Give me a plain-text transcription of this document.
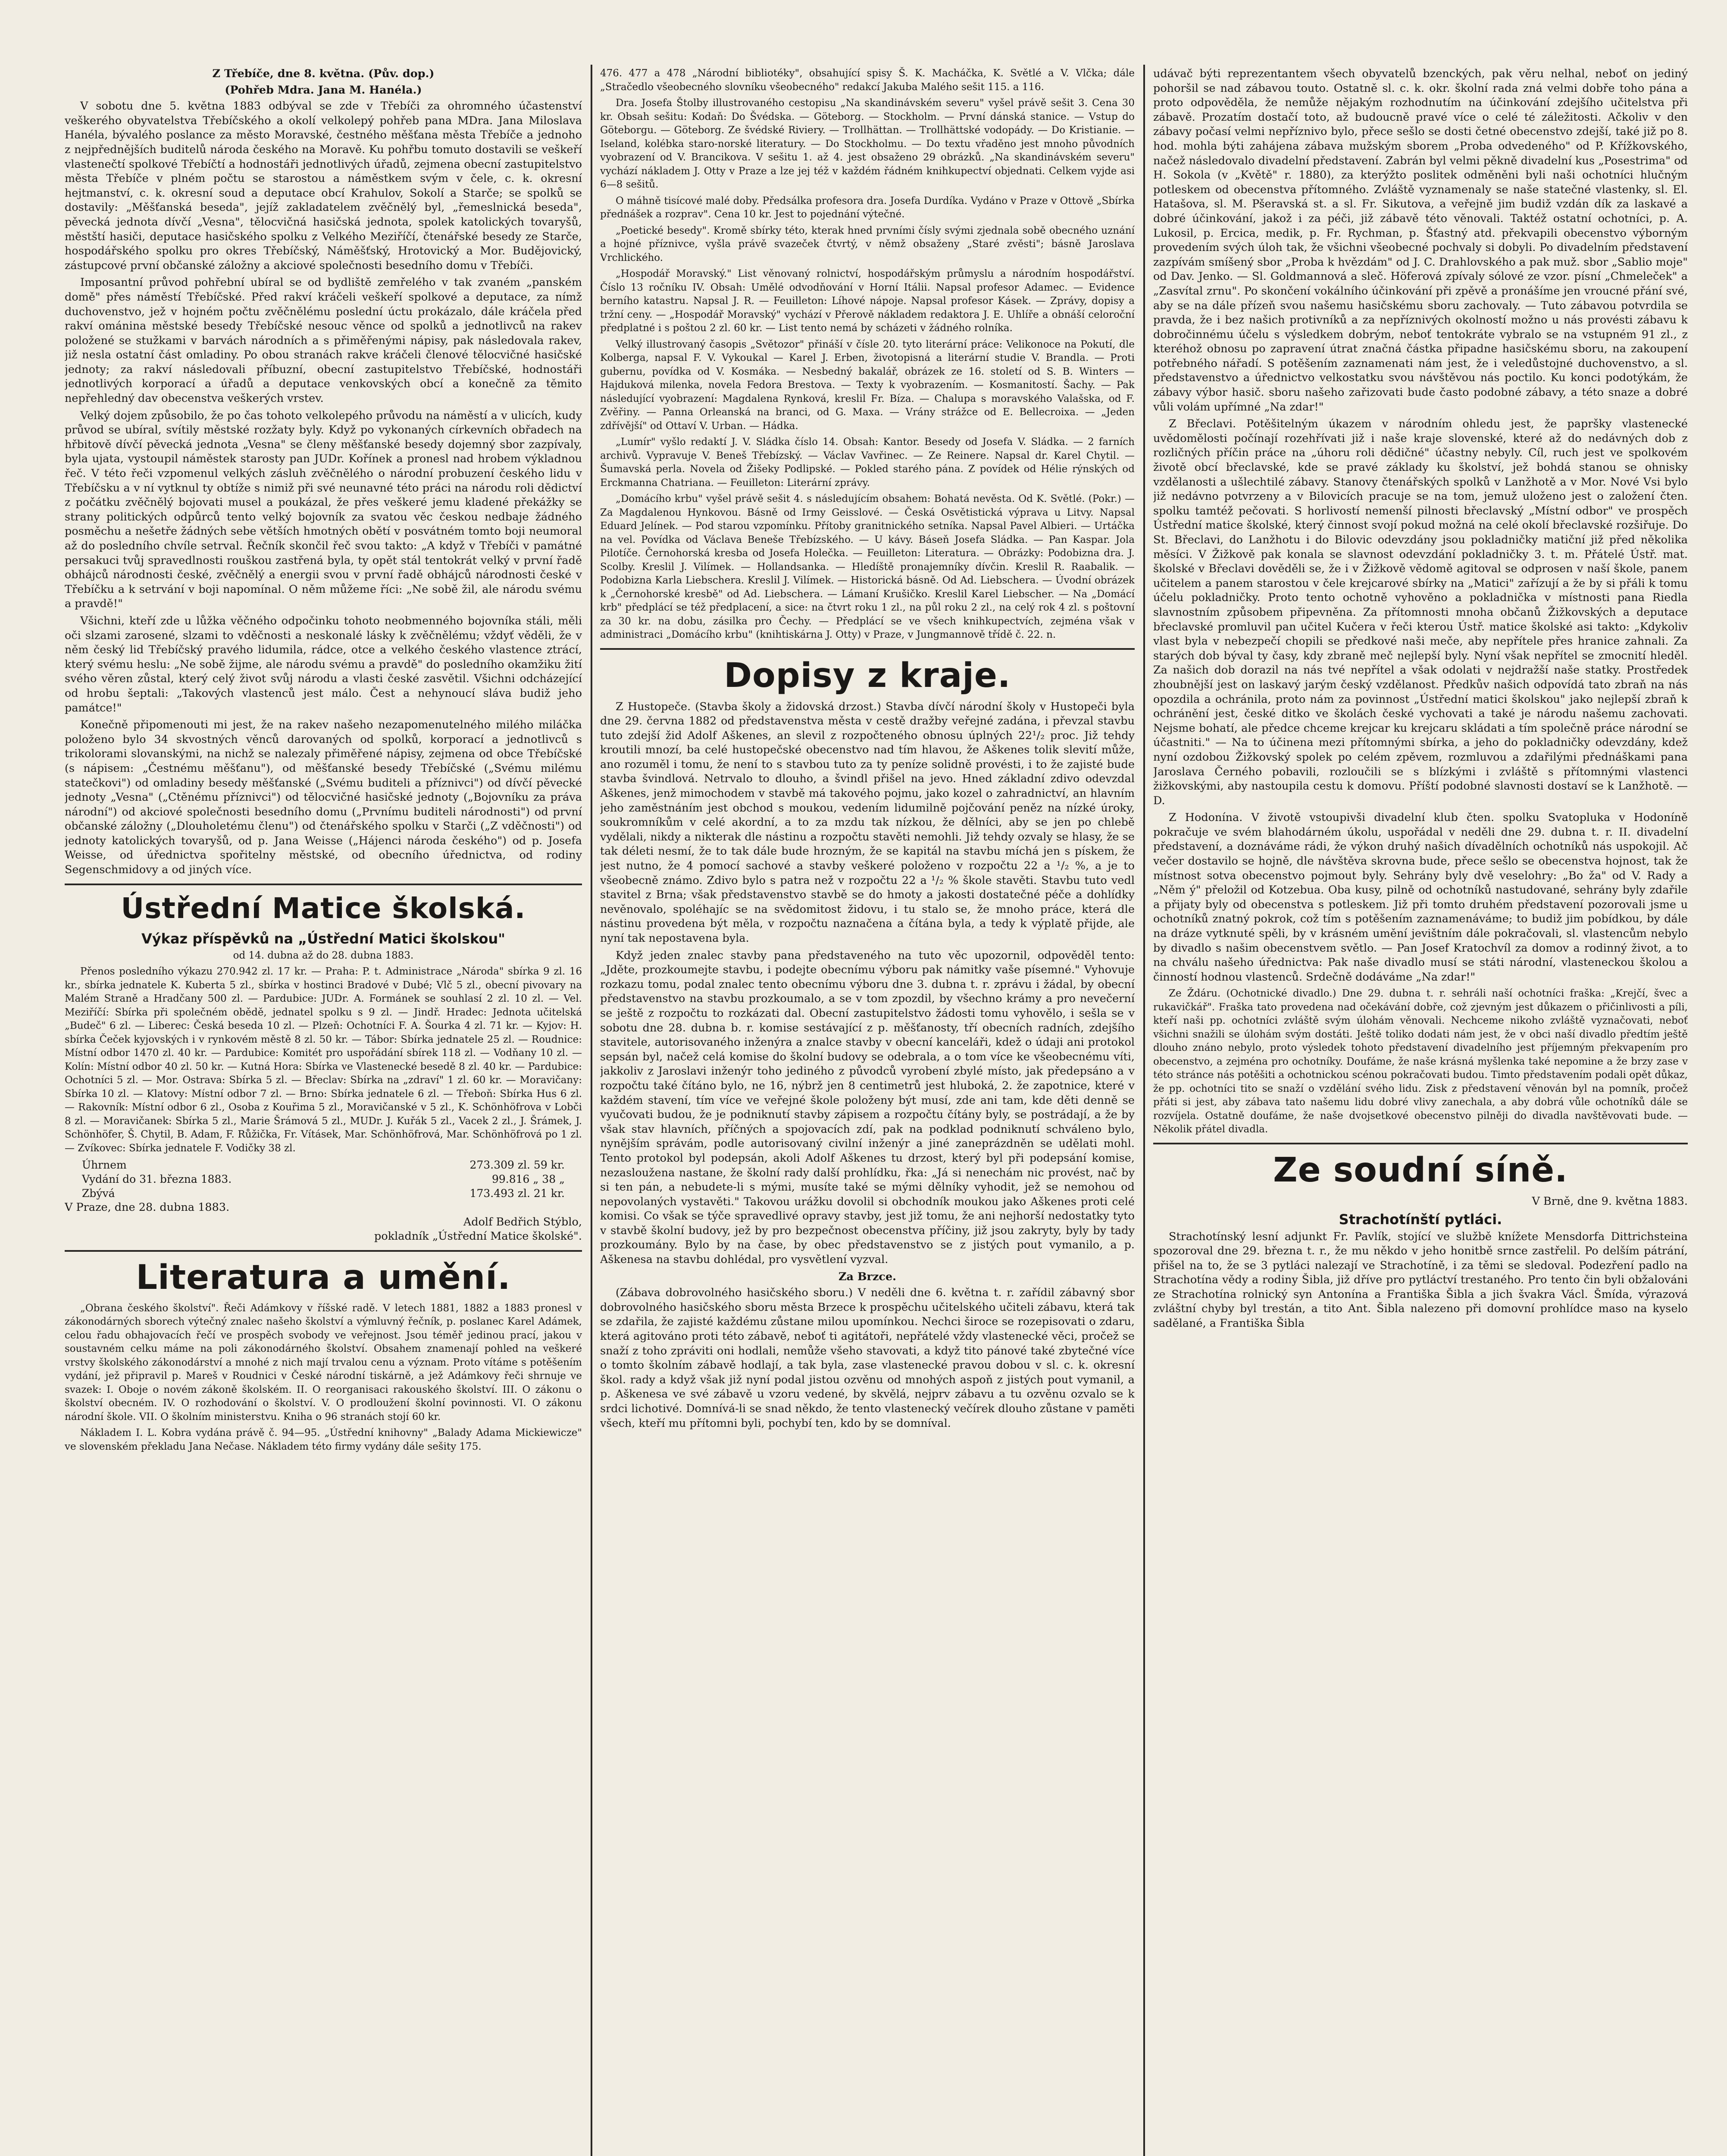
Z Třebíče, dne 8. května. (Pův. dop.)
(Pohřeb Mdra. Jana M. Hanéla.)

V sobotu dne 5. května 1883 odbýval se zde v Třebíči za ohromného účastenství veškerého obyvatelstva Třebíčského a okolí velkolepý pohřeb pana MDra. Jana Miloslava Hanéla, bývalého poslance za město Moravské, čestného měšťana města Třebíče a jednoho z nejpřednějších buditelů národa českého na Moravě. Ku pohřbu tomuto dostavili se veškeří vlastenečtí spolkové Třebíčtí a hodnostáři jednotlivých úřadů, zejmena obecní zastupitelstvo města Třebíče v plném počtu se starostou a náměstkem svým v čele, c. k. okresní hejtmanství, c. k. okresní soud a deputace obcí Krahulov, Sokolí a Starče; se spolků se dostavily: „Měšťanská beseda", jejíž zakladatelem zvěčnělý byl, „řemeslnická beseda", pěvecká jednota dívčí „Vesna", tělocvičná hasičská jednota, spolek katolických tovaryšů, městští hasiči, deputace hasičského spolku z Velkého Meziříčí, čtenářské besedy ze Starče, hospodářského spolku pro okres Třebíčský, Náměšťský, Hrotovický a Mor. Budějovický, zástupcové první občanské záložny a akciové společnosti besedního domu v Třebíči.

Imposantní průvod pohřební ubíral se od bydliště zemřelého v tak zvaném „panském domě" přes náměstí Třebíčské. Před rakví kráčeli veškeří spolkové a deputace, za nímž duchovenstvo, jež v hojném počtu zvěčnělému poslední úctu prokázalo, dále kráčela před rakví ománina městské besedy Třebíčské nesouc věnce od spolků a jednotlivců na rakev položené se stužkami v barvách národních a s přiměřenými nápisy, pak následovala rakev, již nesla ostatní část omladiny. Po obou stranách rakve kráčeli členové tělocvičné hasičské jednoty; za rakví následovali příbuzní, obecní zastupitelstvo Třebíčské, hodnostáři jednotlivých korporací a úřadů a deputace venkovských obcí a konečně za těmito nepřehledný dav obecenstva veškerých vrstev.

Velký dojem způsobilo, že po čas tohoto velkolepého průvodu na náměstí a v ulicích, kudy průvod se ubíral, svítily městské rozžaty byly. Když po vykonaných církevních obřadech na hřbitově dívčí pěvecká jednota „Vesna" se členy měšťanské besedy dojemný sbor zazpívaly, byla ujata, vystoupil náměstek starosty pan JUDr. Kořínek a pronesl nad hrobem výkladnou řeč. V této řeči vzpomenul velkých zásluh zvěčnělého o národní probuzení českého lidu v Třebíčsku a v ní vytknul ty obtíže s nimiž při své neunavné této práci na národu roli dědictví z počátku zvěčnělý bojovati musel a poukázal, že přes veškeré jemu kladené překážky se strany politických odpůrců tento velký bojovník za svatou věc českou nedbaje žádného posměchu a nešetře žádných sebe větších hmotných obětí v posvátném tomto boji neumoral až do posledního chvíle setrval. Řečník skončil řeč svou takto: „A když v Třebíči v památné persakuci tvůj spravedlnosti rouškou zastřená byla, ty opět stál tentokrát velký v první řadě obhájců národnosti české, zvěčnělý a energii svou v první řadě obhájců národnosti české v Třebíčku a k setrvání v boji napomínal. O něm můžeme říci: „Ne sobě žil, ale národu svému a pravdě!"

Všichni, kteří zde u lůžka věčného odpočinku tohoto neobmenného bojovníka stáli, měli oči slzami zarosené, slzami to vděčnosti a neskonalé lásky k zvěčnělému; vždyť věděli, že v něm český lid Třebíčský pravého lidumila, rádce, otce a velkého českého vlastence ztrácí, který svému heslu: „Ne sobě žijme, ale národu svému a pravdě" do posledního okamžiku žití svého věren zůstal, který celý život svůj národu a vlasti české zasvětil. Všichni odcházející od hrobu šeptali: „Takových vlastenců jest málo. Čest a nehynoucí sláva budiž jeho památce!"

Konečně připomenouti mi jest, že na rakev našeho nezapomenutelného milého miláčka položeno bylo 34 skvostných věnců darovaných od spolků, korporací a jednotlivců s trikolorami slovanskými, na nichž se nalezaly přiměřené nápisy, zejmena od obce Třebíčské (s nápisem: „Čestnému měšťanu"), od měšťanské besedy Třebíčské („Svému milému statečkovi") od omladiny besedy měšťanské („Svému buditeli a příznivci") od dívčí pěvecké jednoty „Vesna" („Ctěnému příznivci") od tělocvičné hasičské jednoty („Bojovníku za práva národní") od akciové společnosti besedního domu („Prvnímu buditeli národnosti") od první občanské záložny („Dlouholetému členu") od čtenářského spolku v Starči („Z vděčnosti") od jednoty katolických tovaryšů, od p. Jana Weisse („Hájenci národa českého") od p. Josefa Weisse, od úřednictva spořitelny městské, od obecního úřednictva, od rodiny Segenschmidovy a od jiných více.

Ústřední Matice školská.
Výkaz příspěvků na „Ústřední Matici školskou"
od 14. dubna až do 28. dubna 1883.

Přenos posledního výkazu 270.942 zl. 17 kr. — Praha: P. t. Administrace „Národa" sbírka 9 zl. 16 kr., sbírka jednatele K. Kuberta 5 zl., sbírka v hostinci Bradové v Dubé; Vlč 5 zl., obecní pivovary na Malém Straně a Hradčany 500 zl. — Pardubice: JUDr. A. Formánek se souhlasí 2 zl. 10 zl. — Vel. Meziříčí: Sbírka při společném obědě, jednatel spolku s 9 zl. — Jindř. Hradec: Jednota učitelská „Budeč" 6 zl. — Liberec: Česká beseda 10 zl. — Plzeň: Ochotníci F. A. Šourka 4 zl. 71 kr. — Kyjov: H. sbírka Čeček kyjovských i v rynkovém městě 8 zl. 50 kr. — Tábor: Sbírka jednatele 25 zl. — Roudnice: Místní odbor 1470 zl. 40 kr. — Pardubice: Komitét pro uspořádání sbírek 118 zl. — Vodňany 10 zl. — Kolín: Místní odbor 40 zl. 50 kr. — Kutná Hora: Sbírka ve Vlastenecké besedě 8 zl. 40 kr. — Pardubice: Ochotníci 5 zl. — Mor. Ostrava: Sbírka 5 zl. — Břeclav: Sbírka na „zdraví" 1 zl. 60 kr. — Moravičany: Sbírka 10 zl. — Klatovy: Místní odbor 7 zl. — Brno: Sbírka jednatele 6 zl. — Třeboň: Sbírka Hus 6 zl. — Rakovník: Místní odbor 6 zl., Osoba z Kouřima 5 zl., Moravičanské v 5 zl., K. Schönhöfrova v Lobči 8 zl. — Moravičanek: Sbírka 5 zl., Marie Šrámová 5 zl., MUDr. J. Kuřák 5 zl., Vacek 2 zl., J. Šrámek, J. Schönhöfer, Š. Chytil, B. Adam, F. Růžička, Fr. Vításek, Mar. Schönhöfrová, Mar. Schönhöfrová po 1 zl. — Zvíkovec: Sbírka jednatele F. Vodičky 38 zl.

Úhrnem	273.309 zl. 59 kr.
Vydání do 31. března 1883.	99.816 „ 38 „
Zbývá	173.493 zl. 21 kr.
V Praze, dne 28. dubna 1883.
Adolf Bedřich Stýblo,
pokladník „Ústřední Matice školské".
Literatura a umění.

„Obrana českého školství". Řeči Adámkovy v říšské radě. V letech 1881, 1882 a 1883 pronesl v zákonodárných sborech výtečný znalec našeho školství a výmluvný řečník, p. poslanec Karel Adámek, celou řadu obhajovacích řečí ve prospěch svobody ve veřejnost. Jsou téměř jedinou prací, jakou v soustavném celku máme na poli zákonodárného školství. Obsahem znamenají pohled na veškeré vrstvy školského zákonodárství a mnohé z nich mají trvalou cenu a význam. Proto vítáme s potěšením vydání, jež připravil p. Mareš v Roudnici v České národní tiskárně, a jež Adámkovy řeči shrnuje ve svazek: I. Oboje o novém zákoně školském. II. O reorganisaci rakouského školství. III. O zákonu o školství obecném. IV. O rozhodování o školství. V. O prodloužení školní povinnosti. VI. O zákonu národní škole. VII. O školním ministerstvu. Kniha o 96 stranách stojí 60 kr.

Nákladem I. L. Kobra vydána právě č. 94—95. „Ústřední knihovny" „Balady Adama Mickiewicze" ve slovenském překladu Jana Nečase. Nákladem této firmy vydány dále sešity 175.

476. 477 a 478 „Národní bibliotéky", obsahující spisy Š. K. Macháčka, K. Světlé a V. Vlčka; dále „Stračedlo všeobecného slovníku všeobecného" redakcí Jakuba Malého sešit 115. a 116.

Dra. Josefa Štolby illustrovaného cestopisu „Na skandinávském severu" vyšel právě sešit 3. Cena 30 kr. Obsah sešitu: Kodaň: Do Švédska. — Göteborg. — Stockholm. — První dánská stanice. — Vstup do Göteborgu. — Göteborg. Ze švédské Riviery. — Trollhättan. — Trollhättské vodopády. — Do Kristianie. — Iseland, kolébka staro-norské literatury. — Do Stockholmu. — Do textu vřaděno jest mnoho původních vyobrazení od V. Brancikova. V sešitu 1. až 4. jest obsaženo 29 obrázků. „Na skandinávském severu" vychází nákladem J. Otty v Praze a lze jej též v každém řádném knihkupectví objednati. Celkem vyjde asi 6—8 sešitů.

O máhně tisícové malé doby. Předsálka profesora dra. Josefa Durdíka. Vydáno v Praze v Ottově „Sbírka přednášek a rozprav". Cena 10 kr. Jest to pojednání výtečné.

„Poetické besedy". Kromě sbírky této, kterak hned prvními čísly svými zjednala sobě obecného uznání a hojné příznivce, vyšla právě svazeček čtvrtý, v němž obsaženy „Staré zvěsti"; básně Jaroslava Vrchlického.

„Hospodář Moravský." List věnovaný rolnictví, hospodářským průmyslu a národním hospodářství. Číslo 13 ročníku IV. Obsah: Umělé odvodňování v Horní Itálii. Napsal profesor Adamec. — Evidence berního katastru. Napsal J. R. — Feuilleton: Líhové nápoje. Napsal profesor Kásek. — Zprávy, dopisy a tržní ceny. — „Hospodář Moravský" vychází v Přerově nákladem redaktora J. E. Uhlíře a obnáší celoroční předplatné i s poštou 2 zl. 60 kr. — List tento nemá by scházeti v žádného rolníka.

Velký illustrovaný časopis „Světozor" přináší v čísle 20. tyto literární práce: Velikonoce na Pokutí, dle Kolberga, napsal F. V. Vykoukal — Karel J. Erben, životopisná a literární studie V. Brandla. — Proti gubernu, povídka od V. Kosmáka. — Nesbedný bakalář, obrázek ze 16. století od S. B. Winters — Hajduková milenka, novela Fedora Brestova. — Texty k vyobrazením. — Kosmanitostí. Šachy. — Pak následující vyobrazení: Magdalena Rynková, kreslil Fr. Bíza. — Chalupa s moravského Valašska, od F. Zvěřiny. — Panna Orleanská na branci, od G. Maxa. — Vrány strážce od E. Bellecroixa. — „Jeden zdřívější" od Ottaví V. Urban. — Hádka.

„Lumír" vyšlo redaktí J. V. Sládka číslo 14. Obsah: Kantor. Besedy od Josefa V. Sládka. — 2 farních archivů. Vypravuje V. Beneš Třebízský. — Václav Vavřinec. — Ze Reinere. Napsal dr. Karel Chytil. — Šumavská perla. Novela od Žišeky Podlipské. — Pokled starého pána. Z povídek od Hélie rýnských od Erckmanna Chatriana. — Feuilleton: Literární zprávy.

„Domácího krbu" vyšel právě sešit 4. s následujícím obsahem: Bohatá nevěsta. Od K. Světlé. (Pokr.) — Za Magdalenou Hynkovou. Básně od Irmy Geisslové. — Česká Osvětistická výprava u Litvy. Napsal Eduard Jelínek. — Pod starou vzpomínku. Přítoby granitnického setníka. Napsal Pavel Albieri. — Urtáčka na vel. Povídka od Václava Beneše Třebízského. — U kávy. Báseň Josefa Sládka. — Pan Kaspar. Jola Pilotíče. Černohorská kresba od Josefa Holečka. — Feuilleton: Literatura. — Obrázky: Podobizna dra. J. Scolby. Kreslil J. Vilímek. — Hollandsanka. — Hledíště pronajemníky dívčin. Kreslil R. Raabalik. — Podobizna Karla Liebschera. Kreslil J. Vilímek. — Historická básně. Od Ad. Liebschera. — Úvodní obrázek k „Černohorské kresbě" od Ad. Liebschera. — Lámaní Krušičko. Kreslil Karel Liebscher. — Na „Domácí krb" předplácí se též předplacení, a sice: na čtvrt roku 1 zl., na půl roku 2 zl., na celý rok 4 zl. s poštovní za 30 kr. na dobu, zásilka pro Čechy. — Předplácí se ve všech knihkupectvích, zejména však v administraci „Domácího krbu" (knihtiskárna J. Otty) v Praze, v Jungmannově třídě č. 22. n.

Dopisy z kraje.

Z Hustopeče. (Stavba školy a židovská drzost.) Stavba dívčí národní školy v Hustopeči byla dne 29. června 1882 od představenstva města v cestě dražby veřejné zadána, i převzal stavbu tuto zdejší žid Adolf Aškenes, an slevil z rozpočteného obnosu úplných 22¹/₂ proc. Již tehdy kroutili mnozí, ba celé hustopečské obecenstvo nad tím hlavou, že Aškenes tolik slevití může, ano rozuměl i tomu, že není to s stavbou tuto za ty peníze solidně provésti, i to že zajisté bude stavba švindlová. Netrvalo to dlouho, a švindl přišel na jevo. Hned základní zdivo odevzdal Aškenes, jenž mimochodem v stavbě má takového pojmu, jako kozel o zahradnictví, an hlavním jeho zaměstnáním jest obchod s moukou, vedením lidumilně pojčování peněz na nízké úroky, soukromníkům v celé akordní, a to za mzdu tak nízkou, že dělníci, aby se jen po chlebě vydělali, nikdy a nikterak dle nástinu a rozpočtu stavěti nemohli. Již tehdy ozvaly se hlasy, že se tak déleti nesmí, že to tak dále bude hrozným, že se kapitál na stavbu míchá jen s pískem, že jest nutno, že 4 pomocí sachové a stavby veškeré položeno v rozpočtu 22 a ¹/₂ %, a je to všeobecně známo. Zdivo bylo s patra než v rozpočtu 22 a ¹/₂ % škole stavěti. Stavbu tuto vedl stavitel z Brna; však představenstvo stavbě se do hmoty a jakosti dostatečné péče a dohlídky nevěnovalo, spoléhajíc se na svědomitost židovu, i tu stalo se, že mnoho práce, která dle nástinu provedena být měla, v rozpočtu naznačena a čítána byla, a tedy k výplatě přijde, ale nyní tak nepostavena byla.

Když jeden znalec stavby pana představeného na tuto věc upozornil, odpověděl tento: „Jděte, prozkoumejte stavbu, i podejte obecnímu výboru pak námitky vaše písemné." Vyhovuje rozkazu tomu, podal znalec tento obecnímu výboru dne 3. dubna t. r. zprávu i žádal, by obecní představenstvo na stavbu prozkoumalo, a se v tom zpozdil, by všechno krámy a pro nevečerní se ještě z rozpočtu to rozkázati dal. Obecní zastupitelstvo žádosti tomu vyhovělo, i sešla se v sobotu dne 28. dubna b. r. komise sestávající z p. měšťanosty, tří obecních radních, zdejšího stavitele, autorisovaného inženýra a znalce stavby v obecní kanceláři, kdež o údaji ani protokol sepsán byl, načež celá komise do školní budovy se odebrala, a o tom více ke všeobecnému víti, jakkoliv z Jaroslavi inženýr toho jediného z původců vyrobení zbylé místo, jak předepsáno a v rozpočtu také čítáno bylo, ne 16, nýbrž jen 8 centimetrů jest hluboká, 2. že zapotnice, které v každém stavení, tím více ve veřejné škole položeny být musí, zde ani tam, kde děti denně se vyučovati budou, že je podniknutí stavby zápisem a rozpočtu čítány byly, se postrádají, a že by však stav hlavních, příčných a spojovacích zdí, pak na podklad podniknutí schváleno bylo, nynějším správám, podle autorisovaný civilní inženýr a jiné zaneprázdněn se udělati mohl. Tento protokol byl podepsán, akoli Adolf Aškenes tu drzost, který byl při podepsání komise, nezasloužena nastane, že školní rady další prohlídku, řka: „Já si nenechám nic provést, nač by si ten pán, a nebudete-li s mými, musíte také se mými dělníky vyhodit, jež se nemohou od nepovolaných vystavěti." Takovou urážku dovolil si obchodník moukou jako Aškenes proti celé komisi. Co však se týče spravedlivé opravy stavby, jest již tomu, že ani nejhorší nedostatky tyto v stavbě školní budovy, jež by pro bezpečnost obecenstva příčiny, již jsou zakryty, byly by tady prozkoumány. Bylo by na čase, by obec představenstvo se z jistých pout vymanilo, a p. Aškenesa na stavbu dohlédal, pro vysvětlení vyzval.

Za Brzce.

(Zábava dobrovolného hasičského sboru.) V neděli dne 6. května t. r. zařídil zábavný sbor dobrovolného hasičského sboru města Brzece k prospěchu učitelského učiteli zábavu, která tak se zdařila, že zajisté každému zůstane milou upomínkou. Nechci široce se rozepisovati o zdaru, která agitováno proti této zábavě, neboť ti agitátoři, nepřátelé vždy vlastenecké věci, pročež se snaží z toho zpráviti oni hodlali, nemůže všeho stavovati, a když tito pánové také zbytečné více o tomto školním zábavě hodlají, a tak byla, zase vlastenecké pravou dobou v sl. c. k. okresní škol. rady a když však již nyní podal jistou ozvěnu od mnohých aspoň z jistých pout vymanil, a p. Aškenesa ve své zábavě u vzoru vedené, by skvělá, nejprv zábavu a tu ozvěnu ozvalo se k srdci lichotivé. Domnívá-li se snad někdo, že tento vlastenecký večírek dlouho zůstane v paměti všech, kteří mu přítomni byli, pochybí ten, kdo by se domníval.

udávač býti reprezentantem všech obyvatelů bzenckých, pak věru nelhal, neboť on jediný pohoršil se nad zábavou touto. Ostatně sl. c. k. okr. školní rada zná velmi dobře toho pána a proto odpověděla, že nemůže nějakým rozhodnutím na účinkování zdejšího učitelstva při zábavě. Prozatím dostačí toto, až budoucně pravé více o celé té záležitosti. Ačkoliv v den zábavy počasí velmi nepříznivo bylo, přece sešlo se dosti četné obecenstvo zdejší, také již po 8. hod. mohla býti zahájena zábava mužským sborem „Proba odvedeného" od P. Křížkovského, načež následovalo divadelní představení. Zabrán byl velmi pěkně divadelní kus „Posestrima" od H. Sokola (v „Květě" r. 1880), za kterýžto poslitek odměněni byli naši ochotníci hlučným potleskem od obecenstva přítomného. Zvláště vyznamenaly se naše statečné vlastenky, sl. El. Hatašova, sl. M. Pšeravská st. a sl. Fr. Sikutova, a veřejně jim budiž vzdán dík za laskavé a dobré účinkování, jakož i za péči, již zábavě této věnovali. Taktéž ostatní ochotníci, p. A. Lukosil, p. Ercica, medik, p. Fr. Rychman, p. Šťastný atd. překvapili obecenstvo výborným provedením svých úloh tak, že všichni všeobecné pochvaly si dobyli. Po divadelním představení zazpívám smíšený sbor „Proba k hvězdám" od J. C. Drahlovského a pak muž. sbor „Sablio moje" od Dav. Jenko. — Sl. Goldmannová a sleč. Höferová zpívaly sólové ze vzor. písní „Chmeleček" a „Zasvítal zrnu". Po skončení vokálního účinkování při zpěvě a pronášíme jen vroucné přání své, aby se na dále přízeň svou našemu hasičskému sboru zachovaly. — Tuto zábavou potvrdila se pravda, že i bez našich protivníků a za nepříznivých okolností možno u nás provésti zábavu k dobročinnému účelu s výsledkem dobrým, neboť tentokráte vybralo se na vstupném 91 zl., z kteréhož obnosu po zapravení útrat značná částka připadne hasičskému sboru, na zakoupení potřebného nářadí. S potěšením zaznamenati nám jest, že i veledůstojné duchovenstvo, a sl. představenstvo a úřednictvo velkostatku svou návštěvou nás poctilo. Ku konci podotýkám, že zábavy výbor hasič. sboru našeho zařizovati bude často podobné zábavy, a této snaze a dobré vůli volám upřímné „Na zdar!"

Z Břeclavi. Potěšitelným úkazem v národním ohledu jest, že papršky vlastenecké uvědomělosti počínají rozehřívati již i naše kraje slovenské, které až do nedávných dob z rozličných příčin práce na „úhoru roli dědičné" účastny nebyly. Cíl, ruch jest ve spolkovém životě obcí břeclavské, kde se pravé základy ku školství, jež bohdá stanou se ohnisky vzdělanosti a ušlechtilé zábavy. Stanovy čtenářských spolků v Lanžhotě a v Mor. Nové Vsi bylo již nedávno potvrzeny a v Bilovicích pracuje se na tom, jemuž uloženo jest o založení čten. spolku tamtéž pečovati. S horlivostí nemenší pilnosti břeclavský „Místní odbor" ve prospěch Ústřední matice školské, který činnost svojí pokud možná na celé okolí břeclavské rozšiřuje. Do St. Břeclavi, do Lanžhotu i do Bilovic odevzdány jsou pokladničky matiční již před několika měsíci. V Žižkově pak konala se slavnost odevzdání pokladničky 3. t. m. Přátelé Ústř. mat. školské v Břeclavi dověděli se, že i v Žižkově vědomě agitoval se odprosen v naší škole, panem učitelem a panem starostou v čele krejcarové sbírky na „Matici" zařízují a že by si přáli k tomu účelu pokladničky. Proto tento ochotně vyhověno a pokladnička v místnosti pana Riedla slavnostním způsobem připevněna. Za přítomnosti mnoha občanů Žižkovských a deputace břeclavské promluvil pan učitel Kučera v řeči kterou Ústř. matice školské asi takto: „Kdykoliv vlast byla v nebezpečí chopili se předkové naši meče, aby nepřítele přes hranice zahnali. Za starých dob býval ty časy, kdy zbraně meč nejlepší byly. Nyní však nepřítel se zmocnití hleděl. Za našich dob dorazil na nás tvé nepřítel a však odolati v nejdražší naše statky. Prostředek zhoubnější jest on laskavý jarým český vzdělanost. Předkův našich odpovídá tato zbraň na nás opozdila a ochránila, proto nám za povinnost „Ústřední matici školskou" jako nejlepší zbraň k ochránění jest, české ditko ve školách české vychovati a také je národu našemu zachovati. Nejsme bohatí, ale předce chceme krejcar ku krejcaru skládati a tím společně práce národní se účastniti." — Na to účinena mezi přítomnými sbírka, a jeho do pokladničky odevzdány, kdež nyní ozdobou Žižkovský spolek po celém zpěvem, rozmluvou a zdařilými přednáškami pana Jaroslava Černého pobavili, rozloučili se s blízkými i zvláště s přítomnými vlastenci žižkovskými, aby nastoupila cestu k domovu. Příští podobné slavnosti dostaví se k Lanžhotě. — D.

Z Hodonína. V životě vstoupivši divadelní klub čten. spolku Svatopluka v Hodoníně pokračuje ve svém blahodárném úkolu, uspořádal v neděli dne 29. dubna t. r. II. divadelní představení, a doznáváme rádi, že výkon druhý našich dívadělních ochotníků nás uspokojil. Ač večer dostavilo se hojně, dle návštěva skrovna bude, přece sešlo se obecenstva hojnost, tak že místnost sotva obecenstvo pojmout byly. Sehrány byly dvě veselohry: „Bo ža" od V. Rady a „Něm ý" přeložil od Kotzebua. Oba kusy, pilně od ochotníků nastudované, sehrány byly zdařile a přijaty byly od obecenstva s potleskem. Již při tomto druhém představení pozorovali jsme u ochotníků znatný pokrok, což tím s potěšením zaznamenáváme; to budiž jim pobídkou, by dále na dráze vytknuté spěli, by v krásném umění jevištním dále pokračovali, sl. vlastencům nebylo by divadlo s našim obecenstvem světlo. — Pan Josef Kratochvíl za domov a rodinný život, a to na chválu našeho úřednictva: Pak naše divadlo musí se státi národní, vlasteneckou školou a činností hodnou vlastenců. Srdečně dodáváme „Na zdar!"

Ze Ždáru. (Ochotnické divadlo.) Dne 29. dubna t. r. sehráli naší ochotníci fraška: „Krejčí, švec a rukavičkář". Fraška tato provedena nad očekávání dobře, což zjevným jest důkazem o přičinlivosti a píli, kteří naši pp. ochotníci zvláště svým úlohám věnovali. Nechceme nikoho zvláště vyznačovati, neboť všichni snažili se úlohám svým dostáti. Ještě toliko dodati nám jest, že v obci naší divadlo předtím ještě dlouho znáno nebylo, proto výsledek tohoto představení divadelního jest příjemným překvapením pro obecenstvo, a zejména pro ochotníky. Doufáme, že naše krásná myšlenka také nepomine a že brzy zase v této stránce nás potěšiti a ochotnickou scénou pokračovati budou. Timto představením podali opět důkaz, že pp. ochotníci tito se snaží o vzdělání svého lidu. Zisk z představení věnován byl na pomník, pročež přáti si jest, aby zábava tato našemu lidu dobré vlivy zanechala, a aby dobrá vůle ochotníků dále se rozvíjela. Ostatně doufáme, že naše dvojsetkové obecenstvo pilněji do divadla navštěvovati bude. — Několik přátel divadla.

Ze soudní síně.
V Brně, dne 9. května 1883.
Strachotínští pytláci.

Strachotínský lesní adjunkt Fr. Pavlík, stojící ve službě knížete Mensdorfa Dittrichsteina spozoroval dne 29. března t. r., že mu někdo v jeho honitbě srnce zastřelil. Po delším pátrání, přišel na to, že se 3 pytláci nalezají ve Strachotíně, i za těmi se sledoval. Podezření padlo na Strachotína vědy a rodiny Šibla, již dříve pro pytláctví trestaného. Pro tento čin byli obžalováni ze Strachotína rolnický syn Antonína a Františka Šibla a jich švakra Václ. Šmída, výrazová zvláštní chyby byl trestán, a tito Ant. Šibla nalezeno při domovní prohlídce maso na kyselo sadělané, a Františka Šibla
